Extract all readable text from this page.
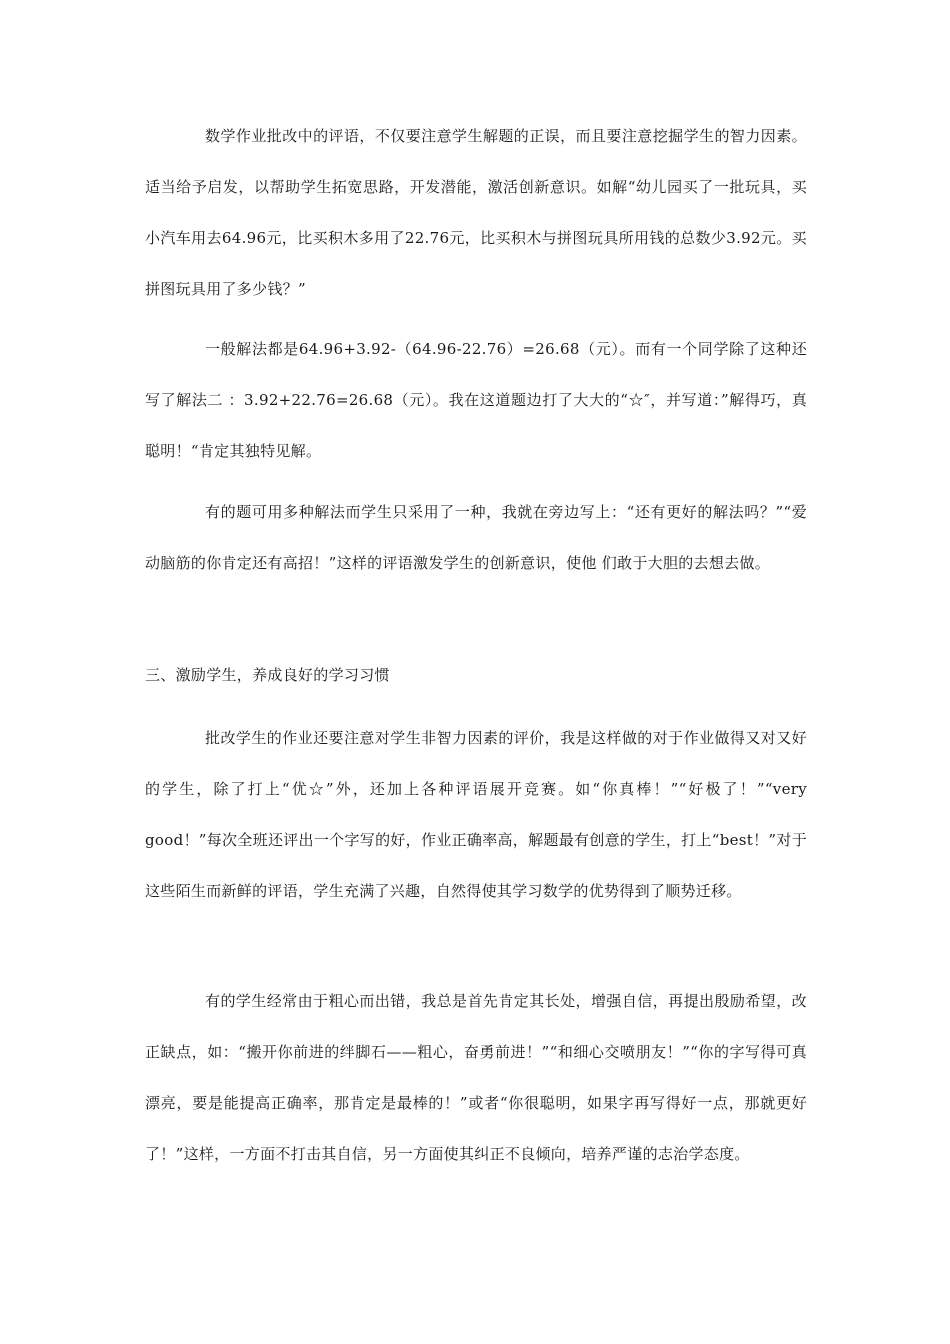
数学作业批改中的评语，不仅要注意学生解题的正误，而且要注意挖掘学生的智力因素。适当给予启发，以帮助学生拓宽思路，开发潜能，激活创新意识。如解“幼儿园买了一批玩具，买小汽车用去64.96元，比买积木多用了22.76元，比买积木与拼图玩具所用钱的总数少3.92元。买拼图玩具用了多少钱？”

一般解法都是64.96+3.92-（64.96-22.76）=26.68（元）。而有一个同学除了这种还写了解法二 ：3.92+22.76=26.68（元）。我在这道题边打了大大的“☆″，并写道：”解得巧，真聪明！“肯定其独特见解。

有的题可用多种解法而学生只采用了一种，我就在旁边写上：“还有更好的解法吗？”“爱动脑筋的你肯定还有高招！”这样的评语激发学生的创新意识，使他 们敢于大胆的去想去做。

三、激励学生，养成良好的学习习惯

批改学生的作业还要注意对学生非智力因素的评价，我是这样做的对于作业做得又对又好的学生，除了打上“优☆”外，还加上各种评语展开竞赛。如“你真棒！”“好极了！”“very good！”每次全班还评出一个字写的好，作业正确率高，解题最有创意的学生，打上“best！”对于这些陌生而新鲜的评语，学生充满了兴趣，自然得使其学习数学的优势得到了顺势迁移。

有的学生经常由于粗心而出错，我总是首先肯定其长处，增强自信，再提出殷励希望，改正缺点，如：“搬开你前进的绊脚石——粗心，奋勇前进！”“和细心交喷朋友！”“你的字写得可真漂亮，要是能提高正确率，那肯定是最棒的！”或者“你很聪明，如果字再写得好一点，那就更好了！”这样，一方面不打击其自信，另一方面使其纠正不良倾向，培养严谨的志治学态度。
